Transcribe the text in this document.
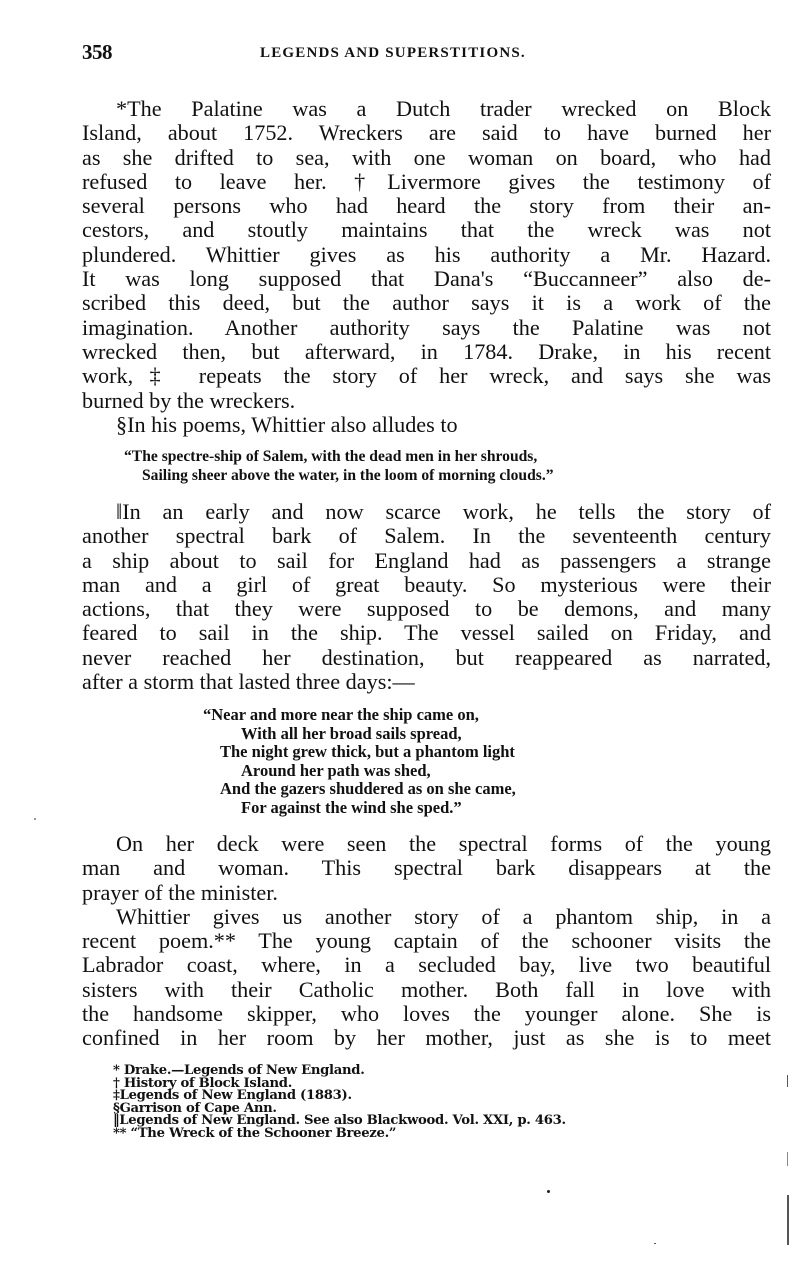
358	LEGENDS AND SUPERSTITIONS.
*The Palatine was a Dutch trader wrecked on Block
Island, about 1752. Wreckers are said to have burned her
as she drifted to sea, with one woman on board, who had
refused to leave her. †Livermore gives the testimony of
several persons who had heard the story from their an-
cestors, and stoutly maintains that the wreck was not
plundered. Whittier gives as his authority a Mr. Hazard.
It was long supposed that Dana's “Buccanneer” also de-
scribed this deed, but the author says it is a work of the
imagination. Another authority says the Palatine was not
wrecked then, but afterward, in 1784. Drake, in his recent
work,‡ repeats the story of her wreck, and says she was
burned by the wreckers.
§In his poems, Whittier also alludes to
“The spectre-ship of Salem, with the dead men in her shrouds,
Sailing sheer above the water, in the loom of morning clouds.”
‖In an early and now scarce work, he tells the story of
another spectral bark of Salem. In the seventeenth century
a ship about to sail for England had as passengers a strange
man and a girl of great beauty. So mysterious were their
actions, that they were supposed to be demons, and many
feared to sail in the ship. The vessel sailed on Friday, and
never reached her destination, but reappeared as narrated,
after a storm that lasted three days:—
“Near and more near the ship came on,
With all her broad sails spread,
The night grew thick, but a phantom light
Around her path was shed,
And the gazers shuddered as on she came,
For against the wind she sped.”
On her deck were seen the spectral forms of the young
man and woman. This spectral bark disappears at the
prayer of the minister.
Whittier gives us another story of a phantom ship, in a
recent poem.** The young captain of the schooner visits the
Labrador coast, where, in a secluded bay, live two beautiful
sisters with their Catholic mother. Both fall in love with
the handsome skipper, who loves the younger alone. She is
confined in her room by her mother, just as she is to meet
* Drake.—Legends of New England.
† History of Block Island.
‡Legends of New England (1883).
§Garrison of Cape Ann.
‖Legends of New England. See also Blackwood. Vol. XXI, p. 463.
** “The Wreck of the Schooner Breeze.”
